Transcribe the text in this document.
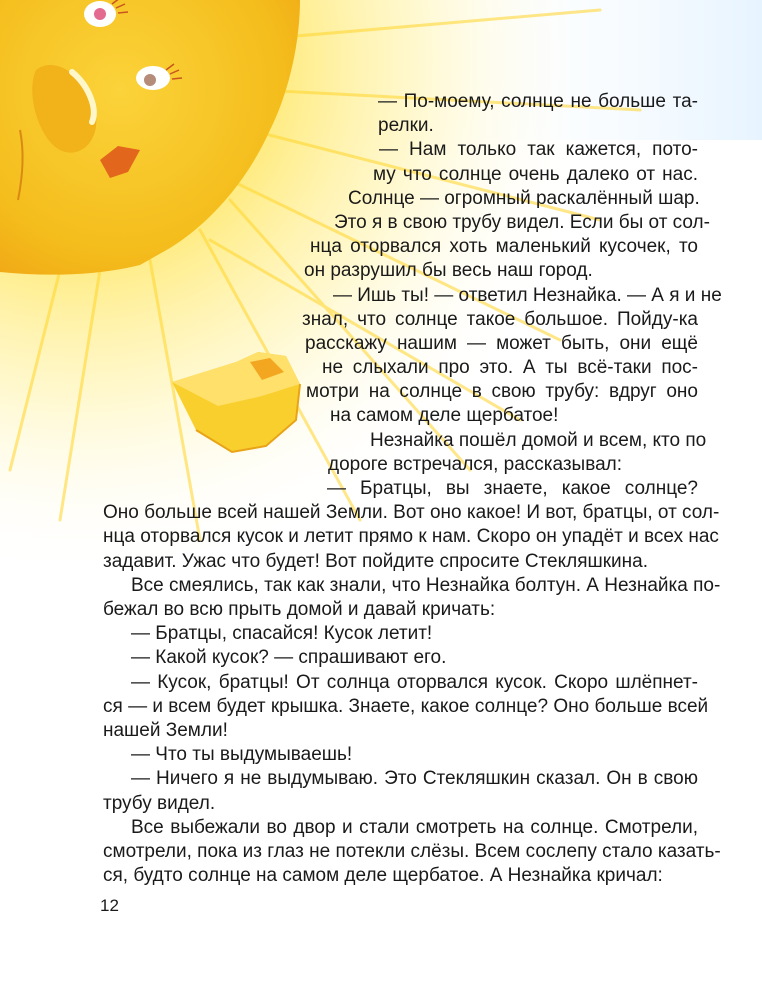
— По-моему, солнце не больше та-
релки.
— Нам только так кажется, пото-
му что солнце очень далеко от нас.
Солнце — огромный раскалённый шар.
Это я в свою трубу видел. Если бы от сол-
нца оторвался хоть маленький кусочек, то
он разрушил бы весь наш город.
— Ишь ты! — ответил Незнайка. — А я и не
знал, что солнце такое большое. Пойду-ка
расскажу нашим — может быть, они ещё
не слыхали про это. А ты всё-таки пос-
мотри на солнце в свою трубу: вдруг оно
на самом деле щербатое!
Незнайка пошёл домой и всем, кто по
дороге встречался, рассказывал:
— Братцы, вы знаете, какое солнце?
Оно больше всей нашей Земли. Вот оно какое! И вот, братцы, от сол-
нца оторвался кусок и летит прямо к нам. Скоро он упадёт и всех нас
задавит. Ужас что будет! Вот пойдите спросите Стекляшкина.
Все смеялись, так как знали, что Незнайка болтун. А Незнайка по-
бежал во всю прыть домой и давай кричать:
— Братцы, спасайся! Кусок летит!
— Какой кусок? — спрашивают его.
— Кусок, братцы! От солнца оторвался кусок. Скоро шлёпнет-
ся — и всем будет крышка. Знаете, какое солнце? Оно больше всей
нашей Земли!
— Что ты выдумываешь!
— Ничего я не выдумываю. Это Стекляшкин сказал. Он в свою
трубу видел.
Все выбежали во двор и стали смотреть на солнце. Смотрели,
смотрели, пока из глаз не потекли слёзы. Всем сослепу стало казать-
ся, будто солнце на самом деле щербатое. А Незнайка кричал:
12
